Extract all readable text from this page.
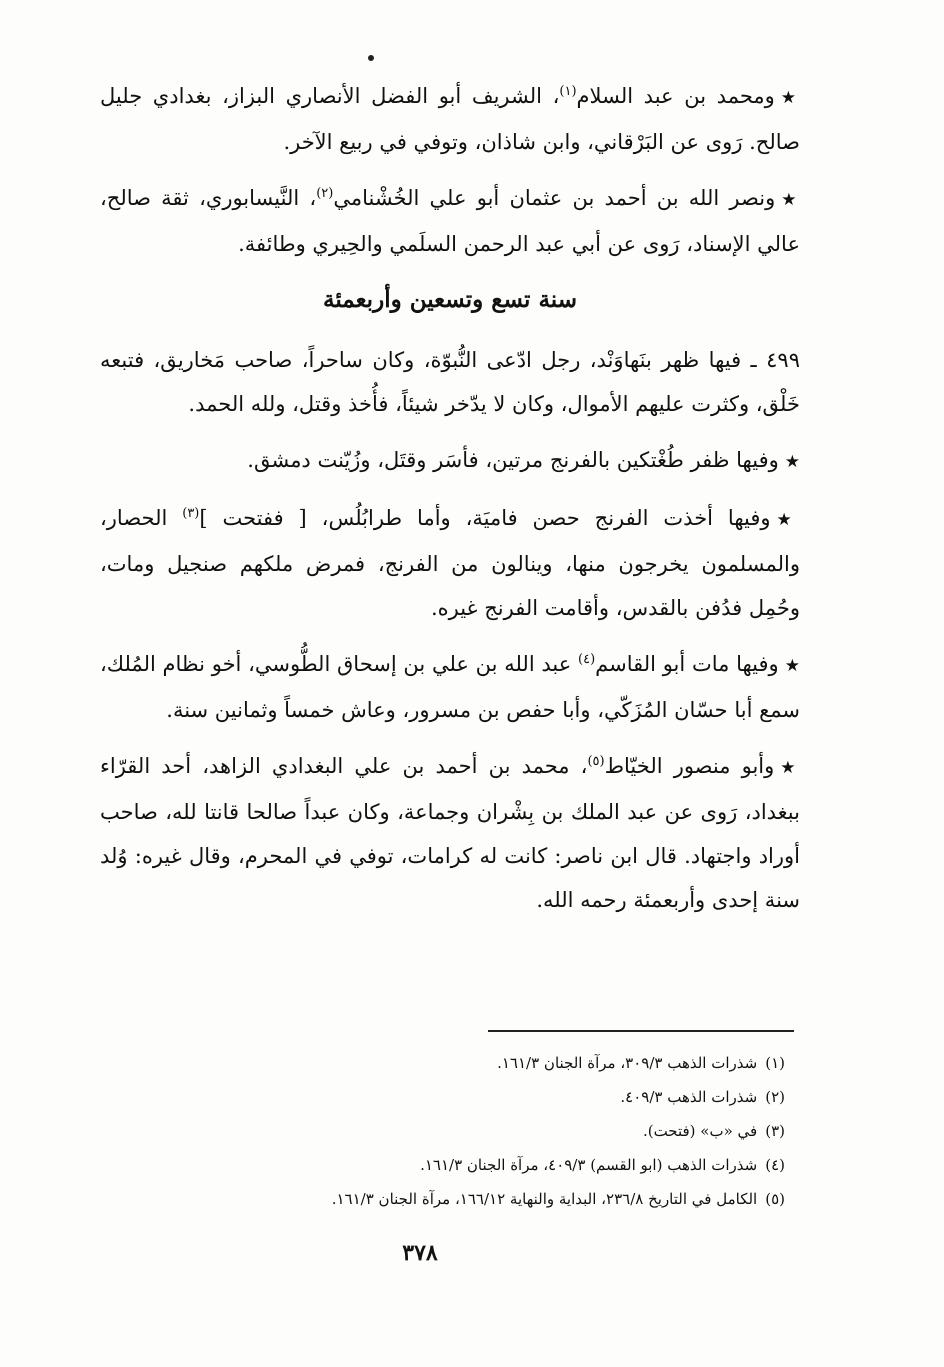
★ومحمد بن عبد السلام$^{(١)}$، الشريف أبو الفضل الأنصاري البزاز، بغدادي جليل صالح. رَوى عن البَرْقاني، وابن شاذان، وتوفي في ربيع الآخر.

★ونصر الله بن أحمد بن عثمان أبو علي الخُشْنامي$^{(٢)}$، النَّيسابوري، ثقة صالح، عالي الإسناد، رَوى عن أبي عبد الرحمن السلَمي والحِيري وطائفة.

سنة تسع وتسعين وأربعمئة

٤٩٩ ـ فيها ظهر بنَهاوَنْد، رجل ادّعى النُّبوّة، وكان ساحراً، صاحب مَخاريق، فتبعه خَلْق، وكثرت عليهم الأموال، وكان لا يدّخر شيئاً، فأُخذ وقتل، ولله الحمد.

★وفيها ظفر طُغْتكين بالفرنج مرتين، فأسَر وقتَل، وزُيّنت دمشق.

★وفيها أخذت الفرنج حصن فاميَة، وأما طرابُلُس، [ ففتحت ]$^{(٣)}$ الحصار، والمسلمون يخرجون منها، وينالون من الفرنج، فمرض ملكهم صنجيل ومات، وحُمِل فدُفن بالقدس، وأقامت الفرنج غيره.

★وفيها مات أبو القاسم$^{(٤)}$ عبد الله بن علي بن إسحاق الطُّوسي، أخو نظام المُلك، سمع أبا حسّان المُزَكّي، وأبا حفص بن مسرور، وعاش خمساً وثمانين سنة.

★وأبو منصور الخيّاط$^{(٥)}$، محمد بن أحمد بن علي البغدادي الزاهد، أحد القرّاء ببغداد، رَوى عن عبد الملك بن بِشْران وجماعة، وكان عبداً صالحا قانتا لله، صاحب أوراد واجتهاد. قال ابن ناصر: كانت له كرامات، توفي في المحرم، وقال غيره: وُلد سنة إحدى وأربعمئة رحمه الله.

(١)شذرات الذهب ٣٠٩/٣، مرآة الجنان ١٦١/٣.
(٢)شذرات الذهب ٤٠٩/٣.
(٣)في «ب» (فتحت).
(٤)شذرات الذهب (ابو القسم) ٤٠٩/٣، مرآة الجنان ١٦١/٣.
(٥)الكامل في التاريخ ٢٣٦/٨، البداية والنهاية ١٦٦/١٢، مرآة الجنان ١٦١/٣.
٣٧٨
